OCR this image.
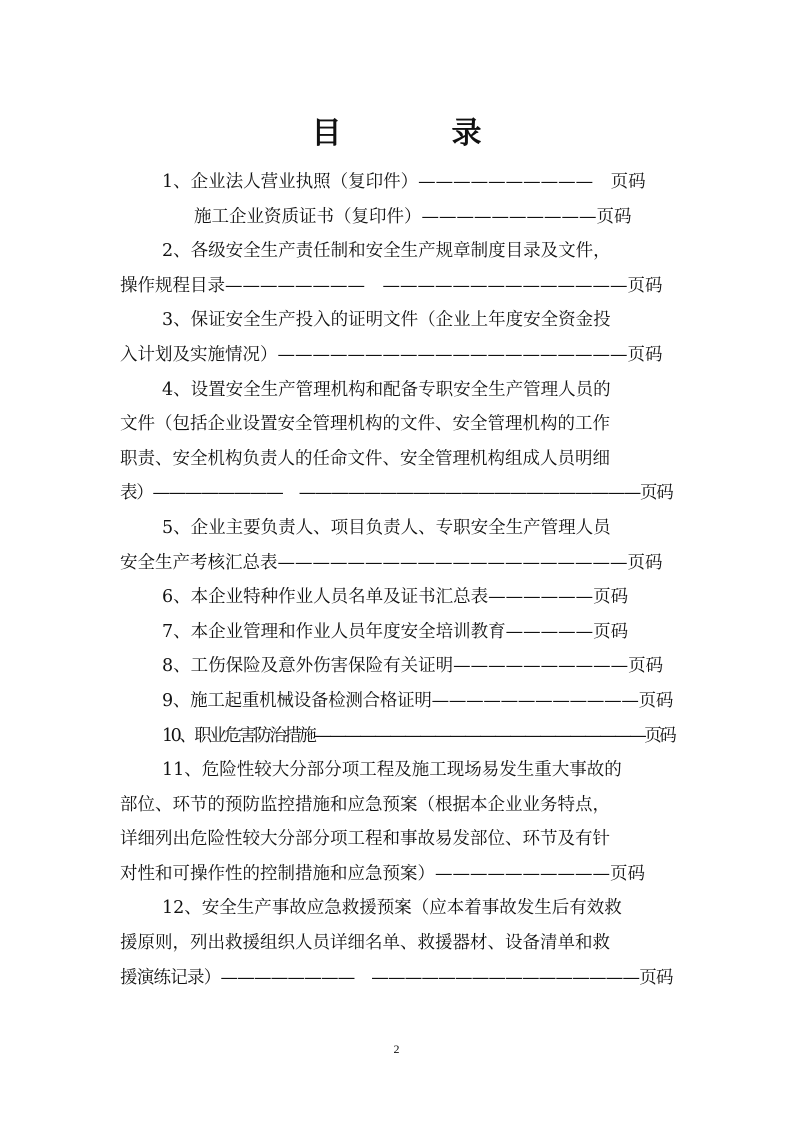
目　录
1、企业法人营业执照（复印件）——————————　页码
施工企业资质证书（复印件）——————————页码
2、各级安全生产责任制和安全生产规章制度目录及文件，
操作规程目录————————　——————————————页码
3、保证安全生产投入的证明文件（企业上年度安全资金投
入计划及实施情况）————————————————————页码
4、设置安全生产管理机构和配备专职安全生产管理人员的
文件（包括企业设置安全管理机构的文件、安全管理机构的工作
职责、安全机构负责人的任命文件、安全管理机构组成人员明细
表）————————　—————————————————————页码
5、企业主要负责人、项目负责人、专职安全生产管理人员
安全生产考核汇总表————————————————————页码
6、本企业特种作业人员名单及证书汇总表——————页码
7、本企业管理和作业人员年度安全培训教育—————页码
8、工伤保险及意外伤害保险有关证明——————————页码
9、施工起重机械设备检测合格证明————————————页码
10、职业危害防治措施——————————————————————页码
11、危险性较大分部分项工程及施工现场易发生重大事故的
部位、环节的预防监控措施和应急预案（根据本企业业务特点，
详细列出危险性较大分部分项工程和事故易发部位、环节及有针
对性和可操作性的控制措施和应急预案）——————————页码
12、安全生产事故应急救援预案（应本着事故发生后有效救
援原则，列出救援组织人员详细名单、救援器材、设备清单和救
援演练记录）————————　————————————————页码
2
